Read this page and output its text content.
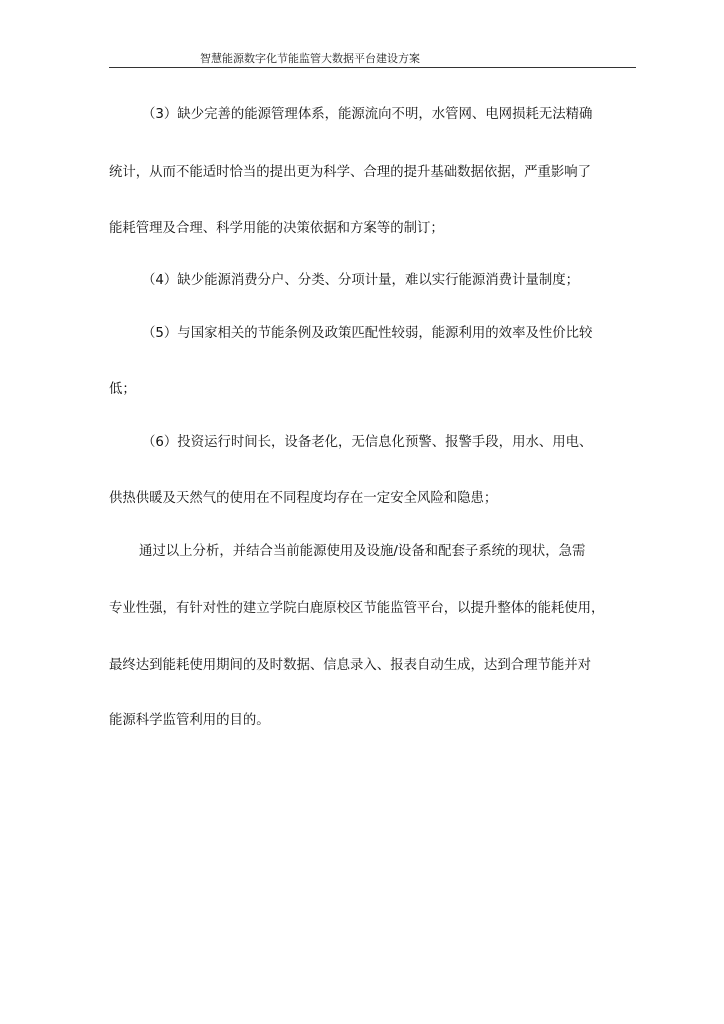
智慧能源数字化节能监管大数据平台建设方案
（3）缺少完善的能源管理体系，能源流向不明，水管网、电网损耗无法精确
统计，从而不能适时恰当的提出更为科学、合理的提升基础数据依据，严重影响了
能耗管理及合理、科学用能的决策依据和方案等的制订；
（4）缺少能源消费分户、分类、分项计量，难以实行能源消费计量制度；
（5）与国家相关的节能条例及政策匹配性较弱，能源利用的效率及性价比较
低；
（6）投资运行时间长，设备老化，无信息化预警、报警手段，用水、用电、
供热供暖及天然气的使用在不同程度均存在一定安全风险和隐患；
通过以上分析，并结合当前能源使用及设施/设备和配套子系统的现状，急需
专业性强，有针对性的建立学院白鹿原校区节能监管平台，以提升整体的能耗使用，
最终达到能耗使用期间的及时数据、信息录入、报表自动生成，达到合理节能并对
能源科学监管利用的目的。
